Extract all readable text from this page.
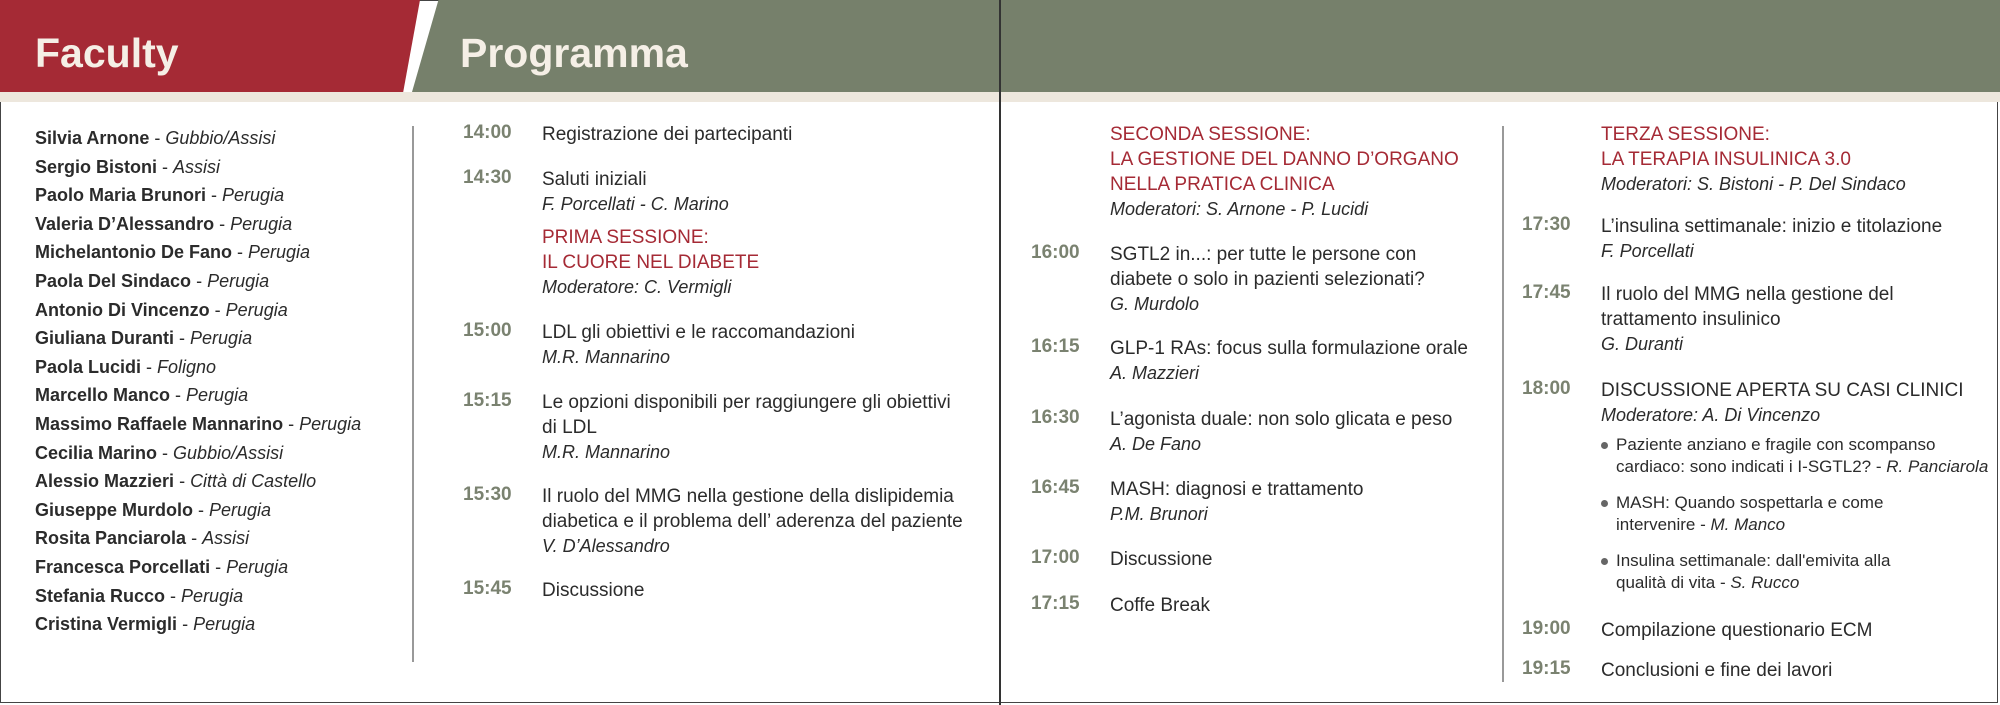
Faculty	Programma
Silvia Arnone - Gubbio/Assisi
Sergio Bistoni - Assisi
Paolo Maria Brunori - Perugia
Valeria D’Alessandro - Perugia
Michelantonio De Fano - Perugia
Paola Del Sindaco - Perugia
Antonio Di Vincenzo - Perugia
Giuliana Duranti - Perugia
Paola Lucidi - Foligno
Marcello Manco - Perugia
Massimo Raffaele Mannarino - Perugia
Cecilia Marino - Gubbio/Assisi
Alessio Mazzieri - Città di Castello
Giuseppe Murdolo - Perugia
Rosita Panciarola - Assisi
Francesca Porcellati - Perugia
Stefania Rucco - Perugia
Cristina Vermigli - Perugia
14:00 Registrazione dei partecipanti
14:30 Saluti iniziali
F. Porcellati - C. Marino
PRIMA SESSIONE:
IL CUORE NEL DIABETE
Moderatore: C. Vermigli
15:00 LDL gli obiettivi e le raccomandazioni
M.R. Mannarino
15:15 Le opzioni disponibili per raggiungere gli obiettivi
di LDL
M.R. Mannarino
15:30 Il ruolo del MMG nella gestione della dislipidemia
diabetica e il problema dell’ aderenza del paziente
V. D’Alessandro
15:45 Discussione
SECONDA SESSIONE:
LA GESTIONE DEL DANNO D’ORGANO
NELLA PRATICA CLINICA
Moderatori: S. Arnone - P. Lucidi
16:00 SGTL2 in...: per tutte le persone con
diabete o solo in pazienti selezionati?
G. Murdolo
16:15 GLP-1 RAs: focus sulla formulazione orale
A. Mazzieri
16:30 L’agonista duale: non solo glicata e peso
A. De Fano
16:45 MASH: diagnosi e trattamento
P.M. Brunori
17:00 Discussione
17:15 Coffe Break
TERZA SESSIONE:
LA TERAPIA INSULINICA 3.0
Moderatori: S. Bistoni - P. Del Sindaco
17:30 L’insulina settimanale: inizio e titolazione
F. Porcellati
17:45 Il ruolo del MMG nella gestione del
trattamento insulinico
G. Duranti
18:00 DISCUSSIONE APERTA SU CASI CLINICI
Moderatore: A. Di Vincenzo
Paziente anziano e fragile con scompanso
cardiaco: sono indicati i I-SGTL2? - R. Panciarola
MASH: Quando sospettarla e come
intervenire - M. Manco
Insulina settimanale: dall'emivita alla
qualità di vita - S. Rucco
19:00 Compilazione questionario ECM
19:15 Conclusioni e fine dei lavori
